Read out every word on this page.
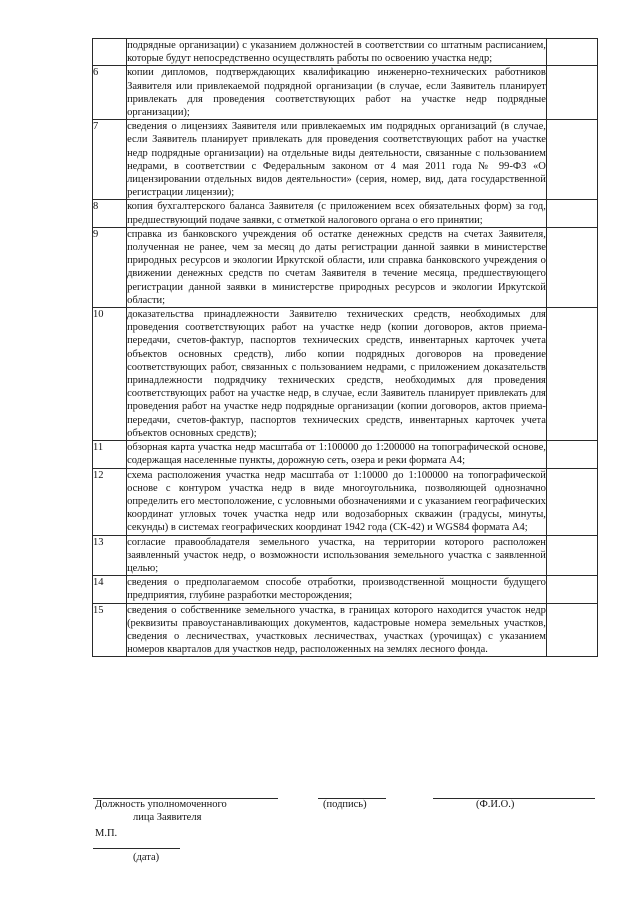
	подрядные организации) с указанием должностей в соответствии со штатным расписанием, которые будут непосредственно осуществлять работы по освоению участка недр;	
6	копии дипломов, подтверждающих квалификацию инженерно-технических работников Заявителя или привлекаемой подрядной организации (в случае, если Заявитель планирует привлекать для проведения соответствующих работ на участке недр подрядные организации);	
7	сведения о лицензиях Заявителя или привлекаемых им подрядных организаций (в случае, если Заявитель планирует привлекать для проведения соответствующих работ на участке недр подрядные организации) на отдельные виды деятельности, связанные с пользованием недрами, в соответствии с Федеральным законом от 4 мая 2011 года № 99-ФЗ «О лицензировании отдельных видов деятельности» (серия, номер, вид, дата государственной регистрации лицензии);	
8	копия бухгалтерского баланса Заявителя (с приложением всех обязательных форм) за год, предшествующий подаче заявки, с отметкой налогового органа о его принятии;	
9	справка из банковского учреждения об остатке денежных средств на счетах Заявителя, полученная не ранее, чем за месяц до даты регистрации данной заявки в министерстве природных ресурсов и экологии Иркутской области, или справка банковского учреждения о движении денежных средств по счетам Заявителя в течение месяца, предшествующего регистрации данной заявки в министерстве природных ресурсов и экологии Иркутской области;	
10	доказательства принадлежности Заявителю технических средств, необходимых для проведения соответствующих работ на участке недр (копии договоров, актов приема-передачи, счетов-фактур, паспортов технических средств, инвентарных карточек учета объектов основных средств), либо копии подрядных договоров на проведение соответствующих работ, связанных с пользованием недрами, с приложением доказательств принадлежности подрядчику технических средств, необходимых для проведения соответствующих работ на участке недр, в случае, если Заявитель планирует привлекать для проведения работ на участке недр подрядные организации (копии договоров, актов приема-передачи, счетов-фактур, паспортов технических средств, инвентарных карточек учета объектов основных средств);	
11	обзорная карта участка недр масштаба от 1:100000 до 1:200000 на топографической основе, содержащая населенные пункты, дорожную сеть, озера и реки формата А4;	
12	схема расположения участка недр масштаба от 1:10000 до 1:100000 на топографической основе с контуром участка недр в виде многоугольника, позволяющей однозначно определить его местоположение, с условными обозначениями и с указанием географических координат угловых точек участка недр или водозаборных скважин (градусы, минуты, секунды) в системах географических координат 1942 года (СК-42) и WGS84 формата А4;	
13	согласие правообладателя земельного участка, на территории которого расположен заявленный участок недр, о возможности использования земельного участка с заявленной целью;	
14	сведения о предполагаемом способе отработки, производственной мощности будущего предприятия, глубине разработки месторождения;	
15	сведения о собственнике земельного участка, в границах которого находится участок недр (реквизиты правоустанавливающих документов, кадастровые номера земельных участков, сведения о лесничествах, участковых лесничествах, участках (урочищах) с указанием номеров кварталов для участков недр, расположенных на землях лесного фонда.	
Должность уполномоченного
лица Заявителя
(подпись)	(Ф.И.О.)
М.П.
(дата)
